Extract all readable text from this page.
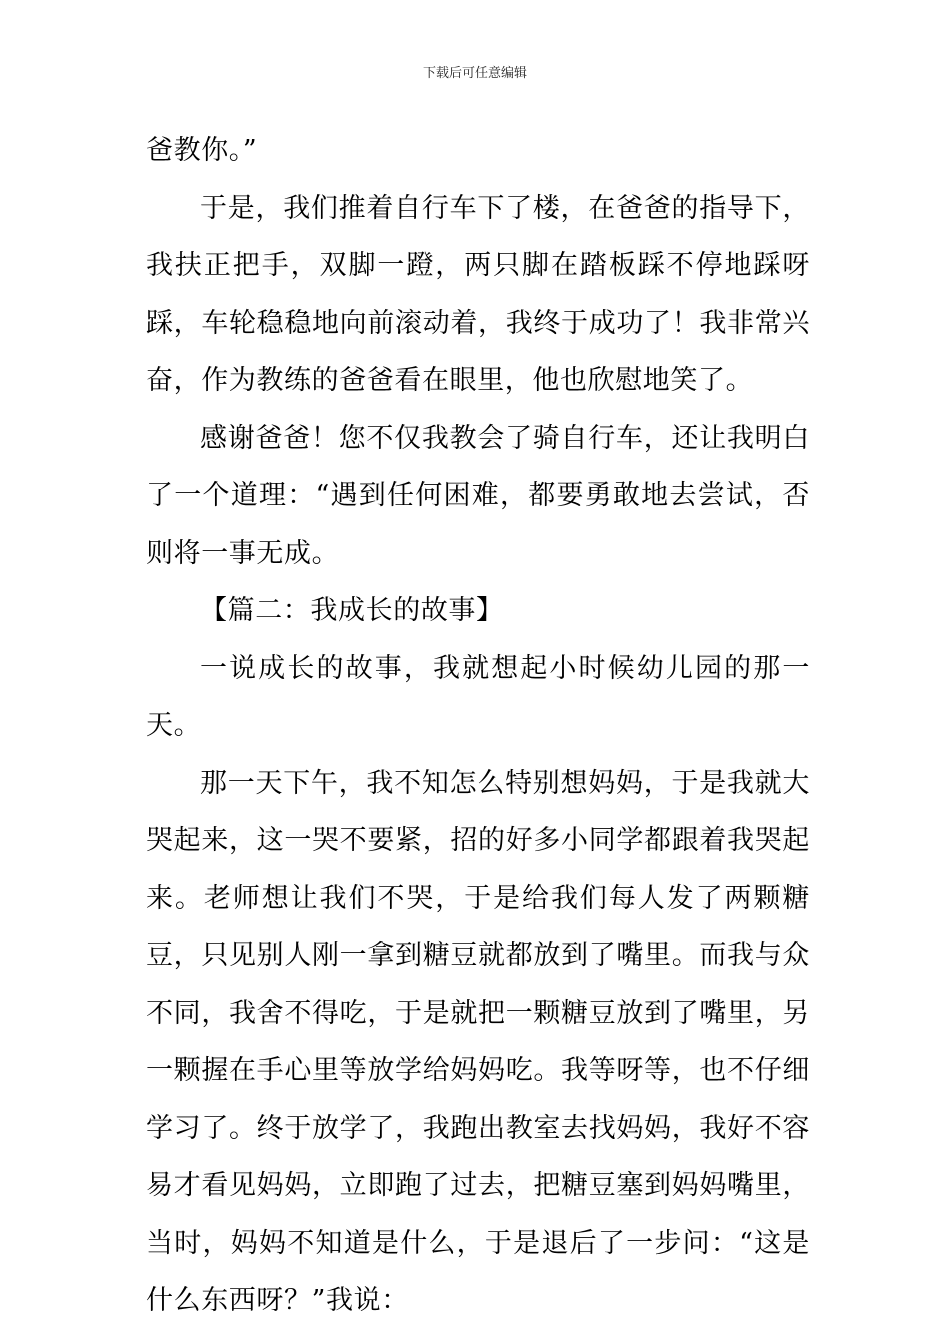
下载后可任意编辑

爸教你。”

于是，我们推着自行车下了楼，在爸爸的指导下，我扶正把手，双脚一蹬，两只脚在踏板踩不停地踩呀踩，车轮稳稳地向前滚动着，我终于成功了！我非常兴奋，作为教练的爸爸看在眼里，他也欣慰地笑了。

感谢爸爸！您不仅我教会了骑自行车，还让我明白了一个道理：“遇到任何困难，都要勇敢地去尝试，否则将一事无成。

【篇二：我成长的故事】

一说成长的故事，我就想起小时候幼儿园的那一天。

那一天下午，我不知怎么特别想妈妈，于是我就大哭起来，这一哭不要紧，招的好多小同学都跟着我哭起来。老师想让我们不哭，于是给我们每人发了两颗糖豆，只见别人刚一拿到糖豆就都放到了嘴里。而我与众不同，我舍不得吃，于是就把一颗糖豆放到了嘴里，另一颗握在手心里等放学给妈妈吃。我等呀等，也不仔细学习了。终于放学了，我跑出教室去找妈妈，我好不容易才看见妈妈，立即跑了过去，把糖豆塞到妈妈嘴里，当时，妈妈不知道是什么，于是退后了一步问：“这是什么东西呀？”我说：
